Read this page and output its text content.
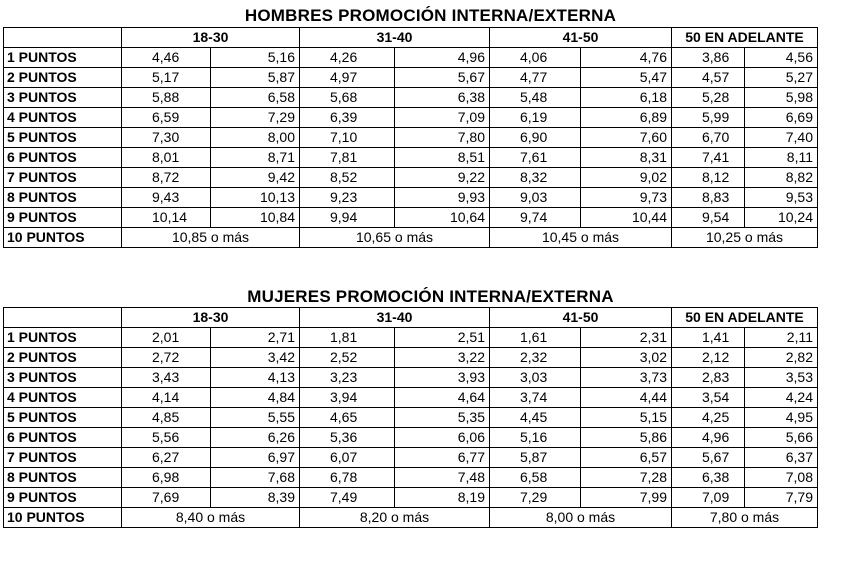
HOMBRES PROMOCIÓN INTERNA/EXTERNA
	18-30		31-40		41-50		50 EN ADELANTE	
1 PUNTOS	4,46	5,16	4,26	4,96	4,06	4,76	3,86	4,56
2 PUNTOS	5,17	5,87	4,97	5,67	4,77	5,47	4,57	5,27
3 PUNTOS	5,88	6,58	5,68	6,38	5,48	6,18	5,28	5,98
4 PUNTOS	6,59	7,29	6,39	7,09	6,19	6,89	5,99	6,69
5 PUNTOS	7,30	8,00	7,10	7,80	6,90	7,60	6,70	7,40
6 PUNTOS	8,01	8,71	7,81	8,51	7,61	8,31	7,41	8,11
7 PUNTOS	8,72	9,42	8,52	9,22	8,32	9,02	8,12	8,82
8 PUNTOS	9,43	10,13	9,23	9,93	9,03	9,73	8,83	9,53
9 PUNTOS	10,14	10,84	9,94	10,64	9,74	10,44	9,54	10,24
10 PUNTOS	10,85 o más		10,65 o más		10,45 o más		10,25 o más	
MUJERES PROMOCIÓN INTERNA/EXTERNA
	18-30		31-40		41-50		50 EN ADELANTE	
1 PUNTOS	2,01	2,71	1,81	2,51	1,61	2,31	1,41	2,11
2 PUNTOS	2,72	3,42	2,52	3,22	2,32	3,02	2,12	2,82
3 PUNTOS	3,43	4,13	3,23	3,93	3,03	3,73	2,83	3,53
4 PUNTOS	4,14	4,84	3,94	4,64	3,74	4,44	3,54	4,24
5 PUNTOS	4,85	5,55	4,65	5,35	4,45	5,15	4,25	4,95
6 PUNTOS	5,56	6,26	5,36	6,06	5,16	5,86	4,96	5,66
7 PUNTOS	6,27	6,97	6,07	6,77	5,87	6,57	5,67	6,37
8 PUNTOS	6,98	7,68	6,78	7,48	6,58	7,28	6,38	7,08
9 PUNTOS	7,69	8,39	7,49	8,19	7,29	7,99	7,09	7,79
10 PUNTOS	8,40 o más		8,20 o más		8,00 o más		7,80 o más	
